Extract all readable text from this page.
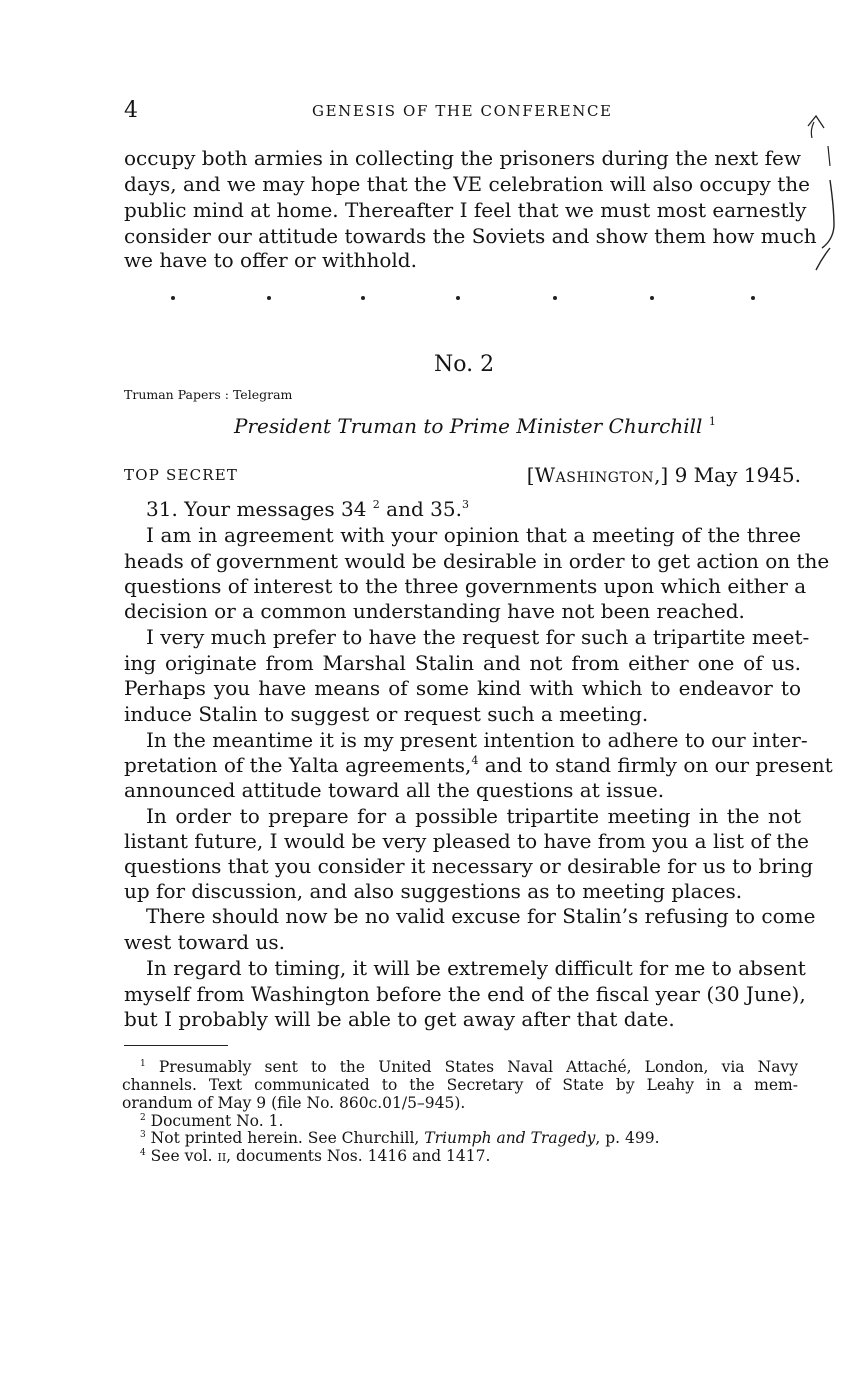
4	GENESIS OF THE CONFERENCE
occupy both armies in collecting the prisoners during the next few
days, and we may hope that the VE celebration will also occupy the
public mind at home. Thereafter I feel that we must most earnestly
consider our attitude towards the Soviets and show them how much
we have to offer or withhold.
No. 2
Truman Papers : Telegram
President Truman to Prime Minister Churchill $^1$
TOP SECRET	[Washington,] 9 May 1945.
31. Your messages 34 $^2$ and 35.$^3$
I am in agreement with your opinion that a meeting of the three
heads of government would be desirable in order to get action on the
questions of interest to the three governments upon which either a
decision or a common understanding have not been reached.
I very much prefer to have the request for such a tripartite meet-
ing originate from Marshal Stalin and not from either one of us.
Perhaps you have means of some kind with which to endeavor to
induce Stalin to suggest or request such a meeting.
In the meantime it is my present intention to adhere to our inter-
pretation of the Yalta agreements,$^4$ and to stand firmly on our present
announced attitude toward all the questions at issue.
In order to prepare for a possible tripartite meeting in the not
listant future, I would be very pleased to have from you a list of the
questions that you consider it necessary or desirable for us to bring
up for discussion, and also suggestions as to meeting places.
There should now be no valid excuse for Stalin’s refusing to come
west toward us.
In regard to timing, it will be extremely difficult for me to absent
myself from Washington before the end of the fiscal year (30 June),
but I probably will be able to get away after that date.
$^1$ Presumably sent to the United States Naval Attaché, London, via Navy
channels. Text communicated to the Secretary of State by Leahy in a mem-
orandum of May 9 (file No. 860c.01/5–945).
$^2$ Document No. 1.
$^3$ Not printed herein. See Churchill, Triumph and Tragedy, p. 499.
$^4$ See vol. ii, documents Nos. 1416 and 1417.
